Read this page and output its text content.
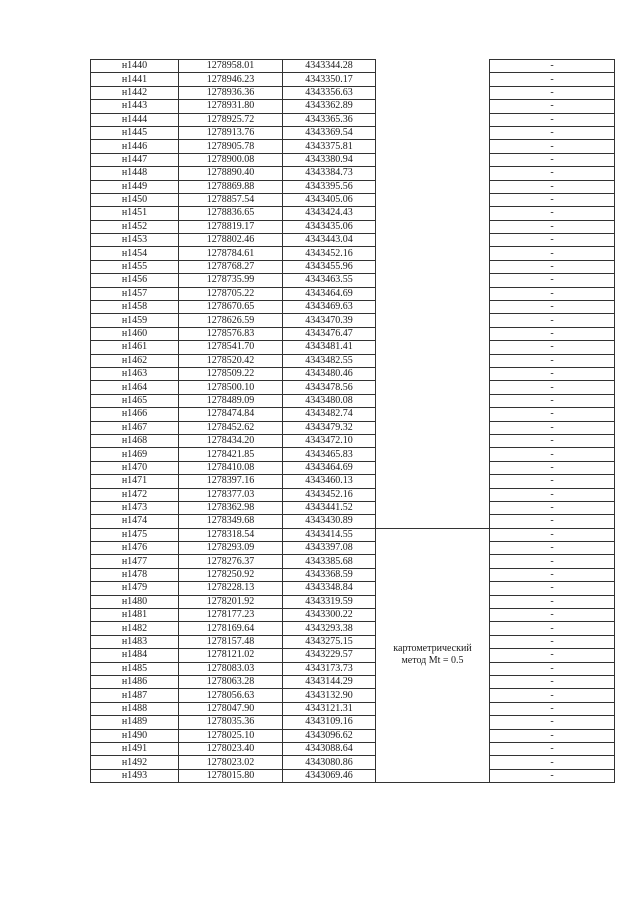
н1440	1278958.01	4343344.28		-
н1441	1278946.23	4343350.17		-
н1442	1278936.36	4343356.63		-
н1443	1278931.80	4343362.89		-
н1444	1278925.72	4343365.36		-
н1445	1278913.76	4343369.54		-
н1446	1278905.78	4343375.81		-
н1447	1278900.08	4343380.94		-
н1448	1278890.40	4343384.73		-
н1449	1278869.88	4343395.56		-
н1450	1278857.54	4343405.06		-
н1451	1278836.65	4343424.43		-
н1452	1278819.17	4343435.06		-
н1453	1278802.46	4343443.04		-
н1454	1278784.61	4343452.16		-
н1455	1278768.27	4343455.96		-
н1456	1278735.99	4343463.55		-
н1457	1278705.22	4343464.69		-
н1458	1278670.65	4343469.63		-
н1459	1278626.59	4343470.39		-
н1460	1278576.83	4343476.47		-
н1461	1278541.70	4343481.41		-
н1462	1278520.42	4343482.55		-
н1463	1278509.22	4343480.46		-
н1464	1278500.10	4343478.56		-
н1465	1278489.09	4343480.08		-
н1466	1278474.84	4343482.74		-
н1467	1278452.62	4343479.32		-
н1468	1278434.20	4343472.10		-
н1469	1278421.85	4343465.83		-
н1470	1278410.08	4343464.69		-
н1471	1278397.16	4343460.13		-
н1472	1278377.03	4343452.16		-
н1473	1278362.98	4343441.52		-
н1474	1278349.68	4343430.89		-
н1475	1278318.54	4343414.55	картометрический
метод Mt = 0.5	-
н1476	1278293.09	4343397.08		-
н1477	1278276.37	4343385.68		-
н1478	1278250.92	4343368.59		-
н1479	1278228.13	4343348.84		-
н1480	1278201.92	4343319.59		-
н1481	1278177.23	4343300.22		-
н1482	1278169.64	4343293.38		-
н1483	1278157.48	4343275.15		-
н1484	1278121.02	4343229.57		-
н1485	1278083.03	4343173.73		-
н1486	1278063.28	4343144.29		-
н1487	1278056.63	4343132.90		-
н1488	1278047.90	4343121.31		-
н1489	1278035.36	4343109.16		-
н1490	1278025.10	4343096.62		-
н1491	1278023.40	4343088.64		-
н1492	1278023.02	4343080.86		-
н1493	1278015.80	4343069.46		-
